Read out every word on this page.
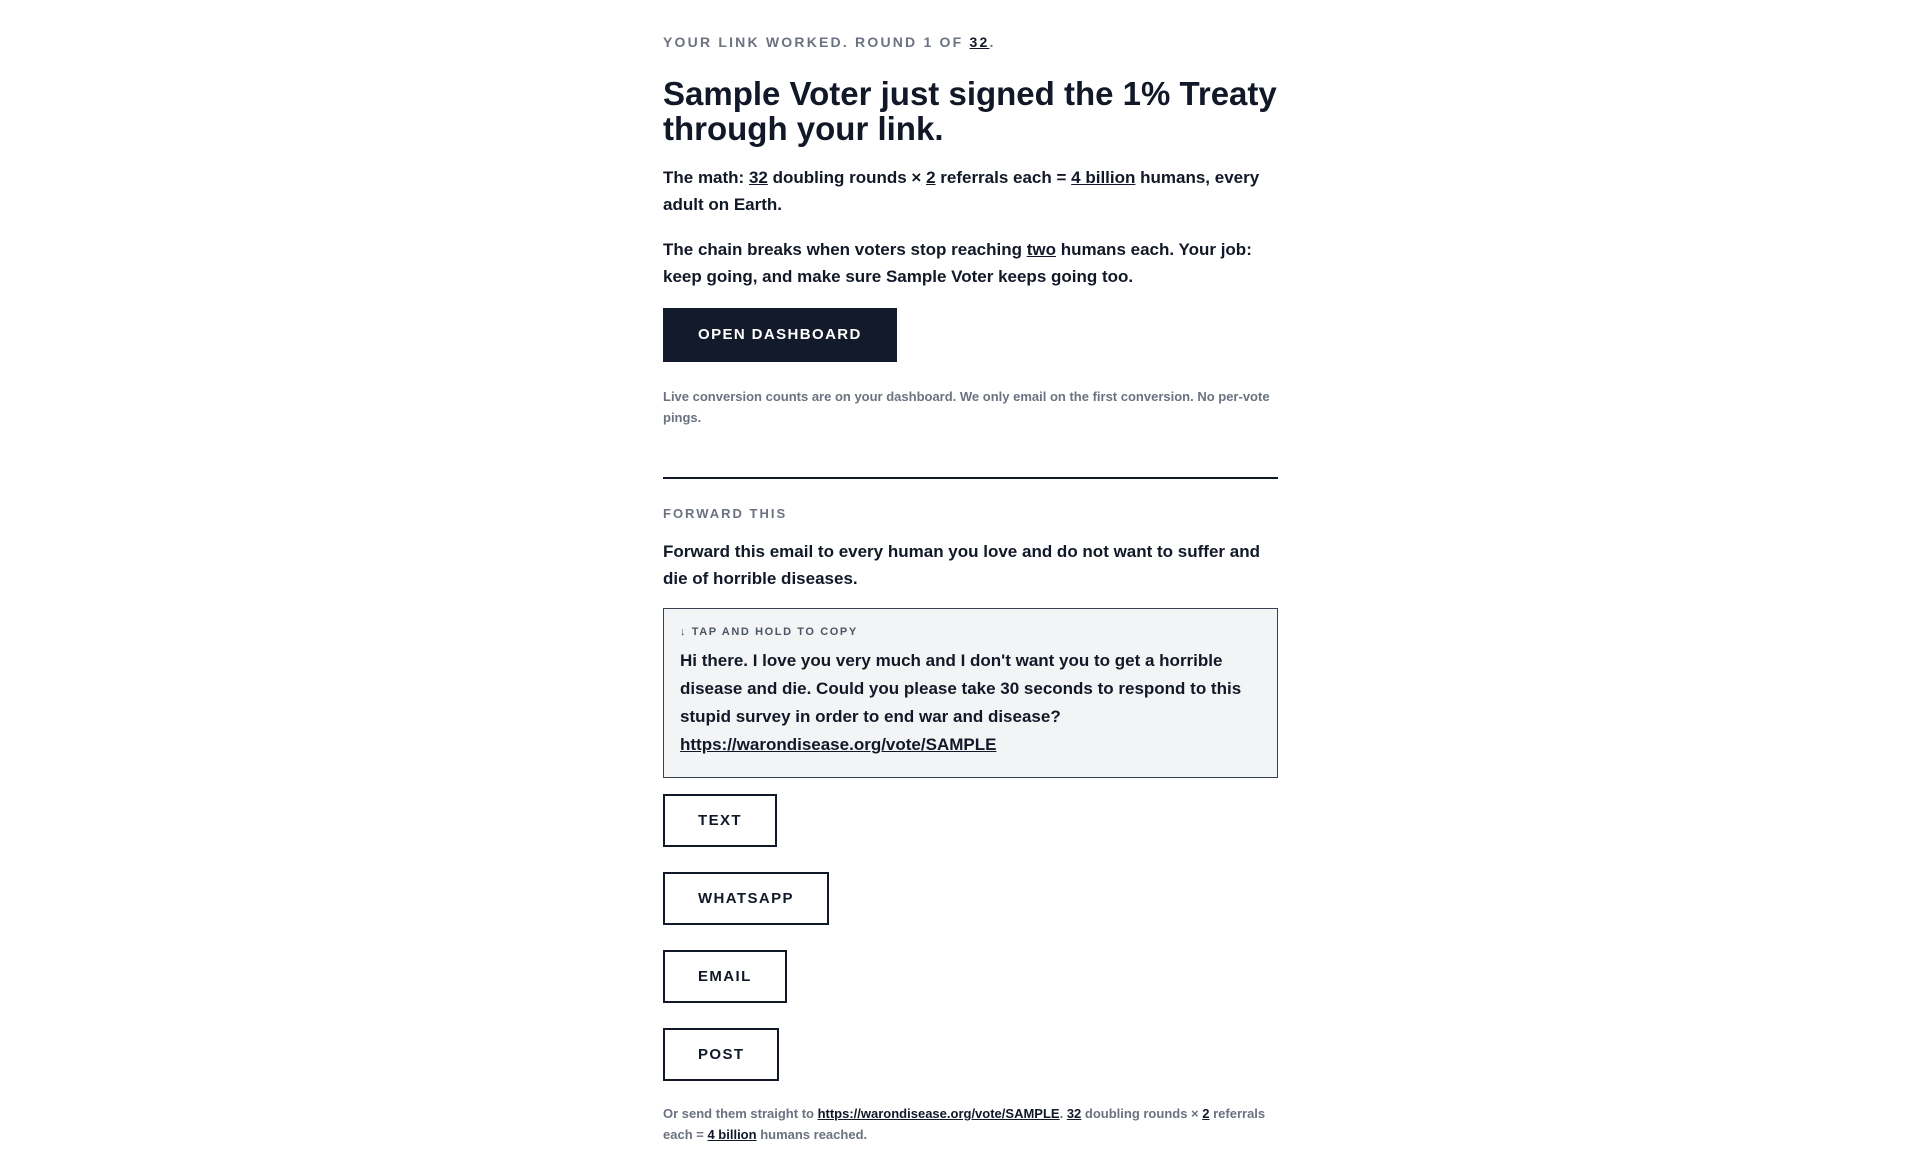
YOUR LINK WORKED. ROUND 1 OF 32.

Sample Voter just signed the 1% Treaty through your link.

The math: 32 doubling rounds × 2 referrals each = 4 billion humans, every adult on Earth.

The chain breaks when voters stop reaching two humans each. Your job: keep going, and make sure Sample Voter keeps going too.

OPEN DASHBOARD

Live conversion counts are on your dashboard. We only email on the first conversion. No per-vote pings.

FORWARD THIS

Forward this email to every human you love and do not want to suffer and die of horrible diseases.

↓ TAP AND HOLD TO COPY
Hi there. I love you very much and I don't want you to get a horrible disease and die. Could you please take 30 seconds to respond to this stupid survey in order to end war and disease? https://warondisease.org/vote/SAMPLE
TEXT
WHATSAPP
EMAIL
POST

Or send them straight to https://warondisease.org/vote/SAMPLE. 32 doubling rounds × 2 referrals each = 4 billion humans reached.
